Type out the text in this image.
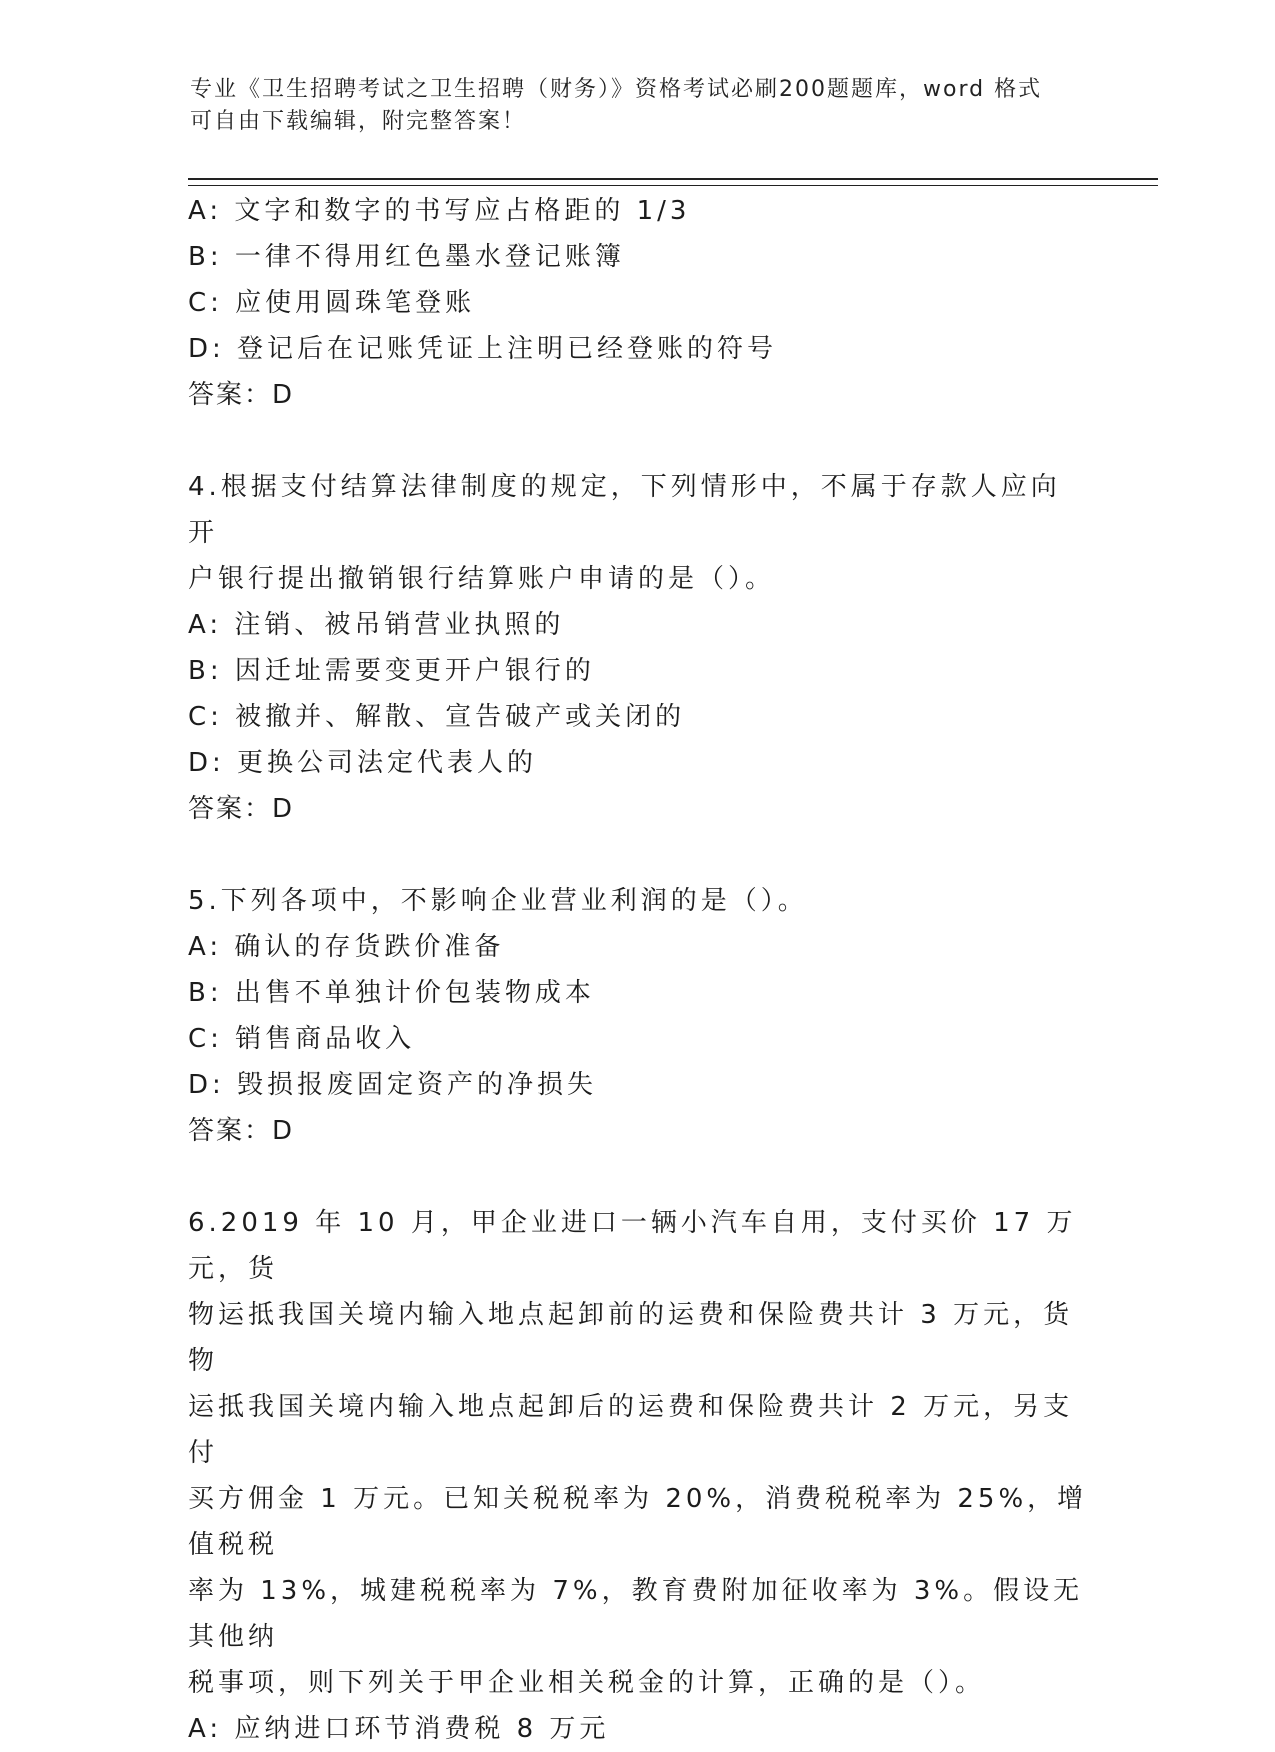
专业《卫生招聘考试之卫生招聘（财务）》资格考试必刷200题题库，word 格式
可自由下载编辑，附完整答案！
A: 文字和数字的书写应占格距的 1/3
B: 一律不得用红色墨水登记账簿
C: 应使用圆珠笔登账
D: 登记后在记账凭证上注明已经登账的符号
答案：D
4.根据支付结算法律制度的规定，下列情形中，不属于存款人应向开
户银行提出撤销银行结算账户申请的是（）。
A: 注销、被吊销营业执照的
B: 因迁址需要变更开户银行的
C: 被撤并、解散、宣告破产或关闭的
D: 更换公司法定代表人的
答案：D
5.下列各项中，不影响企业营业利润的是（）。
A: 确认的存货跌价准备
B: 出售不单独计价包装物成本
C: 销售商品收入
D: 毁损报废固定资产的净损失
答案：D
6.2019 年 10 月，甲企业进口一辆小汽车自用，支付买价 17 万元，货
物运抵我国关境内输入地点起卸前的运费和保险费共计 3 万元，货物
运抵我国关境内输入地点起卸后的运费和保险费共计 2 万元，另支付
买方佣金 1 万元。已知关税税率为 20%，消费税税率为 25%，增值税税
率为 13%，城建税税率为 7%，教育费附加征收率为 3%。假设无其他纳
税事项，则下列关于甲企业相关税金的计算，正确的是（）。
A: 应纳进口环节消费税 8 万元
